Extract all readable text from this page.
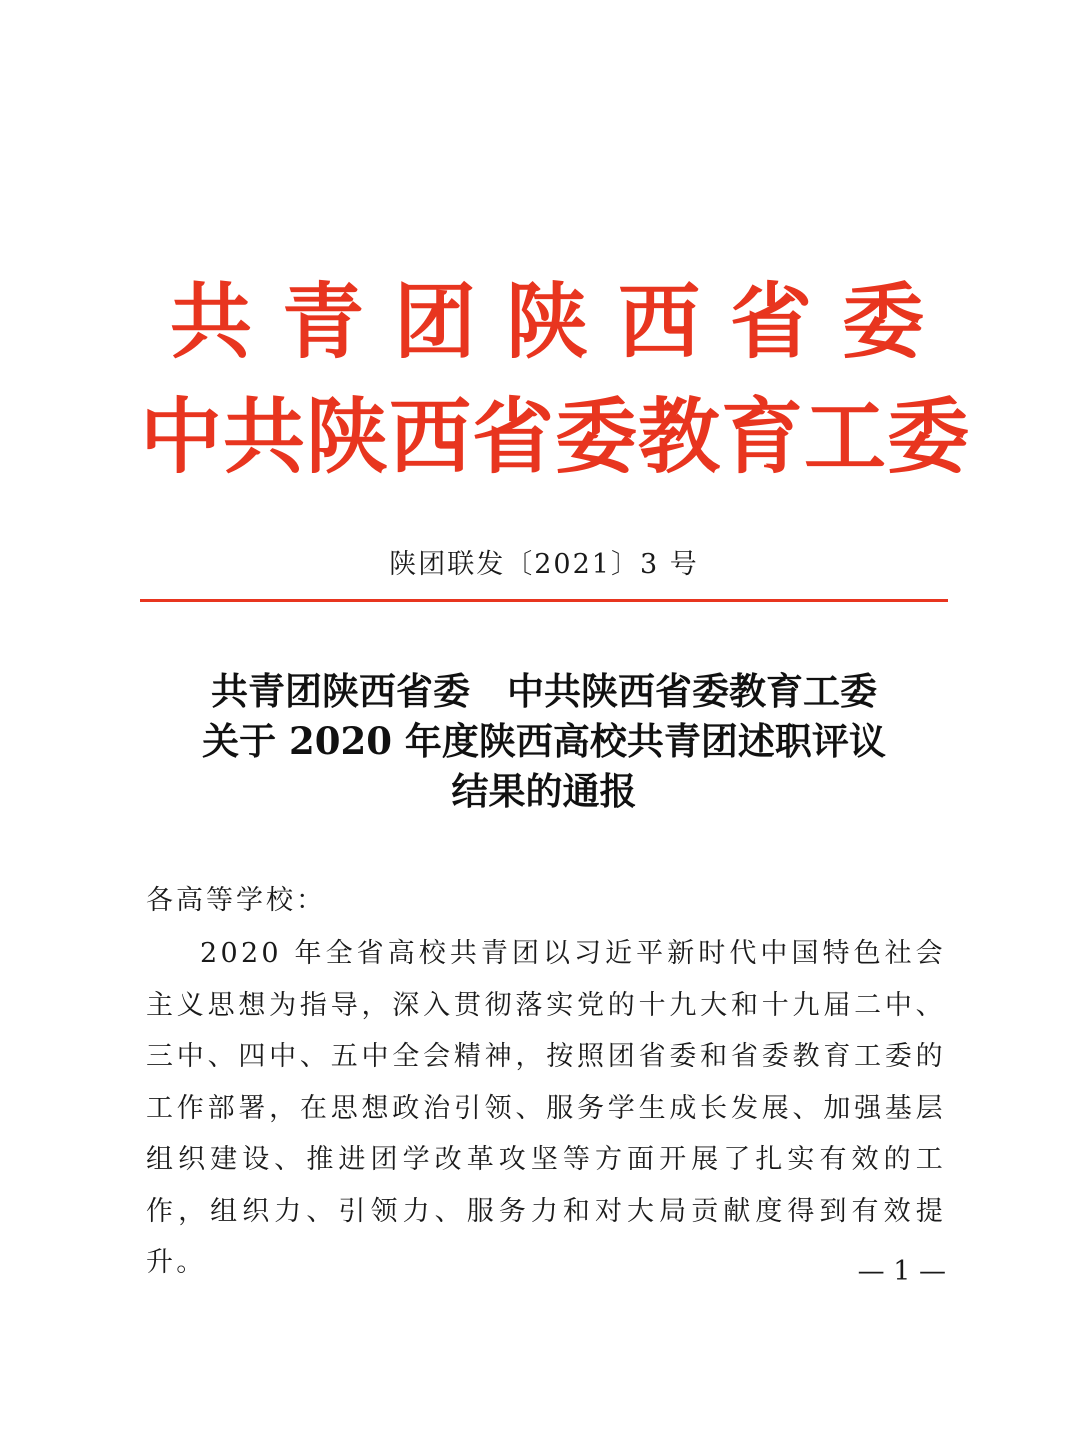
共青团陕西省委
中共陕西省委教育工委
陕团联发〔2021〕3 号
共青团陕西省委　中共陕西省委教育工委
关于 2020 年度陕西高校共青团述职评议
结果的通报
各高等学校：
2020 年全省高校共青团以习近平新时代中国特色社会主义思想为指导，深入贯彻落实党的十九大和十九届二中、三中、四中、五中全会精神，按照团省委和省委教育工委的工作部署，在思想政治引领、服务学生成长发展、加强基层组织建设、推进团学改革攻坚等方面开展了扎实有效的工作，组织力、引领力、服务力和对大局贡献度得到有效提升。	— 1 —
